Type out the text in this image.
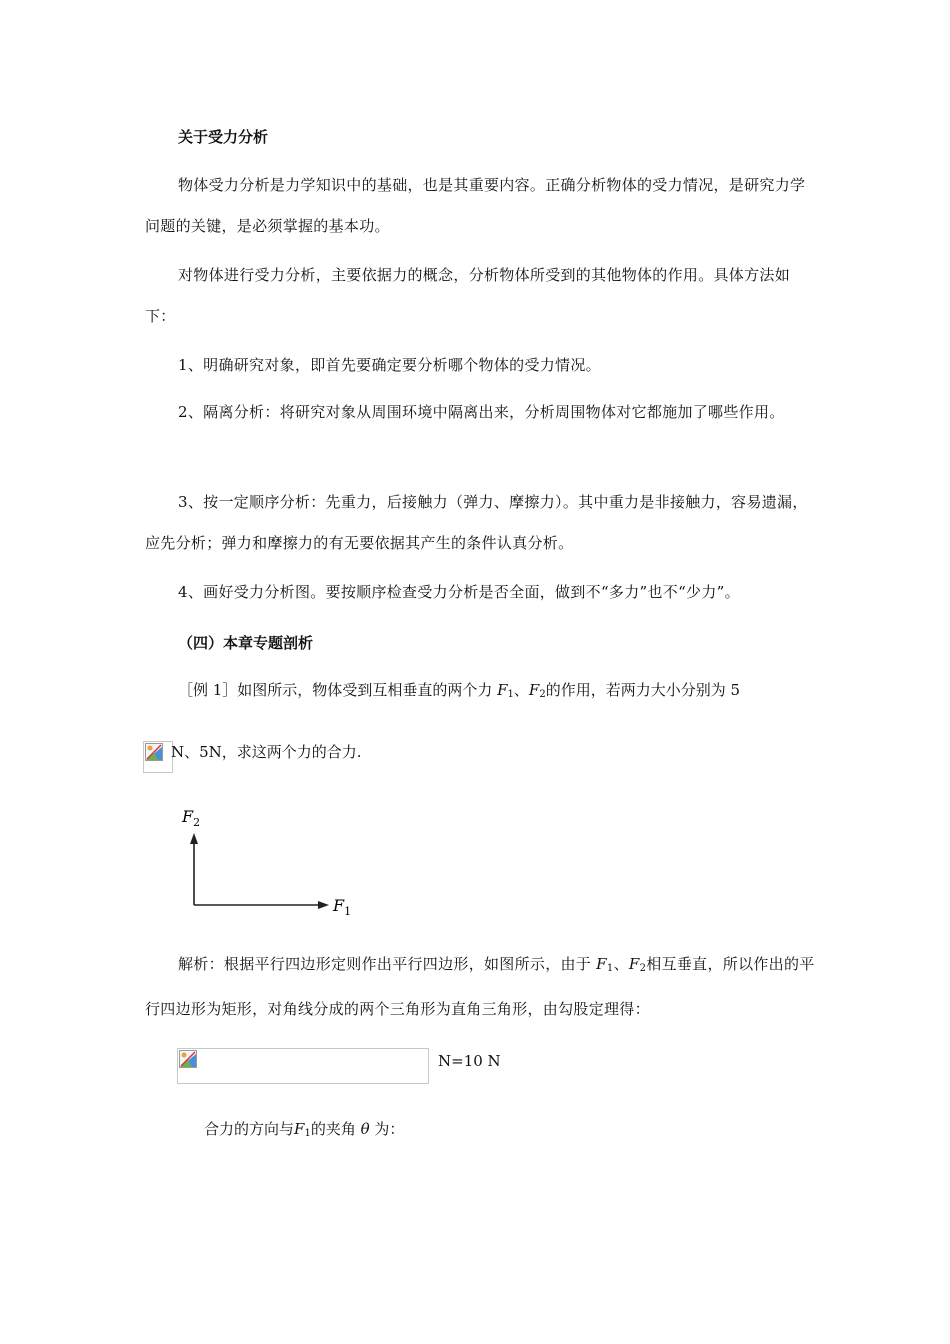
关于受力分析
物体受力分析是力学知识中的基础，也是其重要内容。正确分析物体的受力情况，是研究力学问题的关键，是必须掌握的基本功。
对物体进行受力分析，主要依据力的概念，分析物体所受到的其他物体的作用。具体方法如下：
1、明确研究对象，即首先要确定要分析哪个物体的受力情况。
2、隔离分析：将研究对象从周围环境中隔离出来，分析周围物体对它都施加了哪些作用。
3、按一定顺序分析：先重力，后接触力（弹力、摩擦力）。其中重力是非接触力，容易遗漏，应先分析；弹力和摩擦力的有无要依据其产生的条件认真分析。
4、画好受力分析图。要按顺序检查受力分析是否全面，做到不“多力”也不“少力”。
（四）本章专题剖析
［例 1］如图所示，物体受到互相垂直的两个力 $F_1$、$F_2$的作用，若两力大小分别为 5
N、5N，求这两个力的合力.
$F_1$
$F_2$
解析：根据平行四边形定则作出平行四边形，如图所示，由于 $F_1$、$F_2$相互垂直，所以作出的平行四边形为矩形，对角线分成的两个三角形为直角三角形，由勾股定理得：
N=10 N
合力的方向与$F_1$的夹角 θ 为：
